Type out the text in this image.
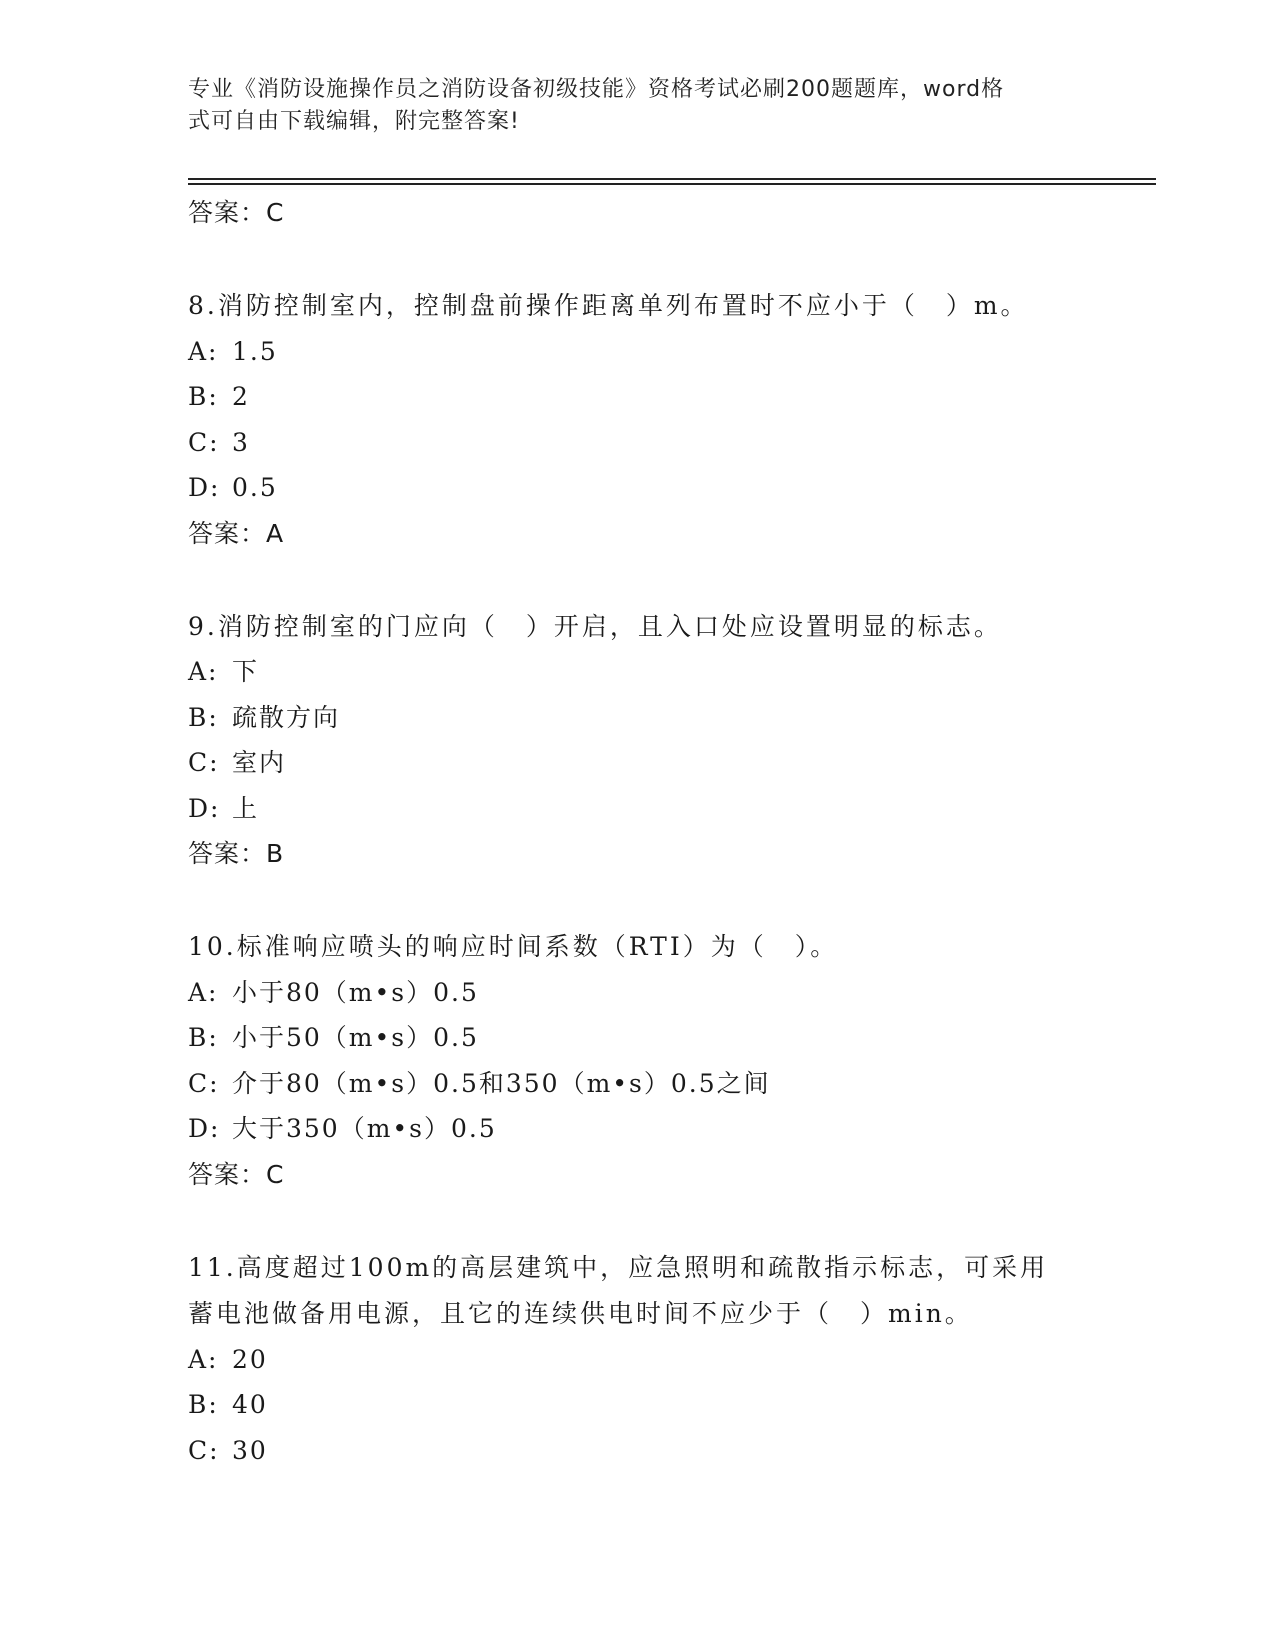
专业《消防设施操作员之消防设备初级技能》资格考试必刷200题题库，word格
式可自由下载编辑，附完整答案!
答案：C
8.消防控制室内，控制盘前操作距离单列布置时不应小于（　）m。
A: 1.5
B: 2
C: 3
D: 0.5
答案：A
9.消防控制室的门应向（　）开启，且入口处应设置明显的标志。
A: 下
B: 疏散方向
C: 室内
D: 上
答案：B
10.标准响应喷头的响应时间系数（RTI）为（　）。
A: 小于80（m•s）0.5
B: 小于50（m•s）0.5
C: 介于80（m•s）0.5和350（m•s）0.5之间
D: 大于350（m•s）0.5
答案：C
11.高度超过100m的高层建筑中，应急照明和疏散指示标志，可采用
蓄电池做备用电源，且它的连续供电时间不应少于（　）min。
A: 20
B: 40
C: 30
